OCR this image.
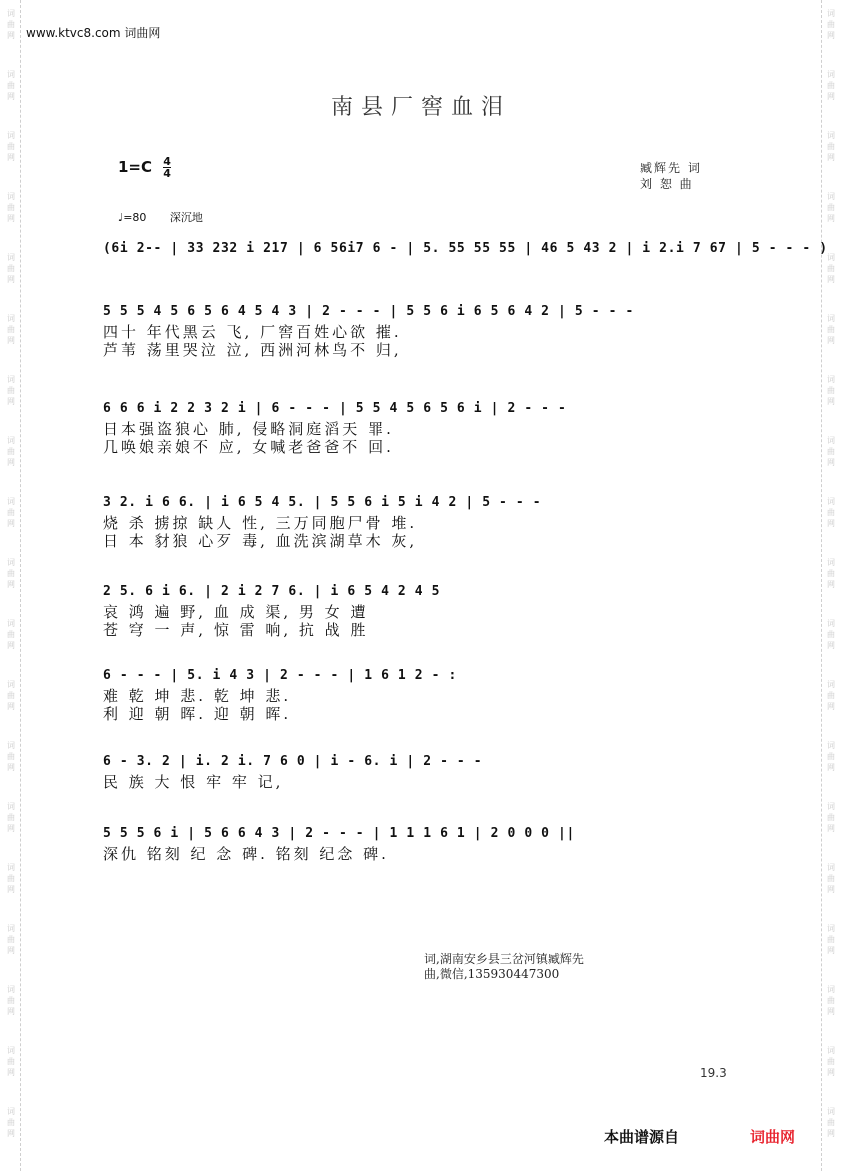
词
曲
网
词
曲
网
词
曲
网
词
曲
网
词
曲
网
词
曲
网
词
曲
网
词
曲
网
词
曲
网
词
曲
网
词
曲
网
词
曲
网
词
曲
网
词
曲
网
词
曲
网
词
曲
网
词
曲
网
词
曲
网
词
曲
网
词
曲
网
词
曲
网
词
曲
网
词
曲
网
词
曲
网
词
曲
网
词
曲
网
词
曲
网
词
曲
网
词
曲
网
词
曲
网
词
曲
网
词
曲
网
词
曲
网
词
曲
网
词
曲
网
词
曲
网
词
曲
网
词
曲
网
www.ktvc8.com 词曲网
南县厂窖血泪
$1=C \frac{4}{4}$	臧辉先 词
刘 恕 曲
♩=80 深沉地
(6i 2-- | 33 232 i 217 | 6 56i7 6 - | 5. 55 55 55 | 46 5 43 2 | i 2.i 7 67 | 5 - - - )
5 5 5 4 5 6 5 6 4 5 4 3 | 2 - - - | 5 5 6 i 6 5 6 4 2 | 5 - - -
四十 年代黑云 飞, 厂窖百姓心欲 摧.
芦苇 荡里哭泣 泣, 西洲河林鸟不 归,
6 6 6 i 2 2 3 2 i | 6 - - - | 5 5 4 5 6 5 6 i | 2 - - -
日本强盗狼心 肺, 侵略洞庭滔天 罪.
几唤娘亲娘不 应, 女喊老爸爸不 回.
3 2. i 6 6. | i 6 5 4 5. | 5 5 6 i 5 i 4 2 | 5 - - -
烧 杀 掳掠 缺人 性, 三万同胞尸骨 堆.
日 本 豺狼 心歹 毒, 血洗滨湖草木 灰,
2 5. 6 i 6. | 2 i 2 7 6. | i 6 5 4 2 4 5
哀 鸿 遍 野, 血 成 渠, 男 女 遭
苍 穹 一 声, 惊 雷 响, 抗 战 胜
6 - - - | 5. i 4 3 | 2 - - - | 1 6 1 2 - :
难 乾 坤 悲. 乾 坤 悲.
利 迎 朝 晖. 迎 朝 晖.
6 - 3. 2 | i. 2 i. 7 6 0 | i - 6. i | 2 - - -
民 族 大 恨 牢 牢 记,
5 5 5 6 i | 5 6 6 4 3 | 2 - - - | 1 1 1 6 1 | 2 0 0 0 ||
深仇 铭刻 纪 念 碑. 铭刻 纪念 碑.
词,湖南安乡县三岔河镇臧辉先
曲,微信,135930447300
19.3
本曲谱源自	词曲网
